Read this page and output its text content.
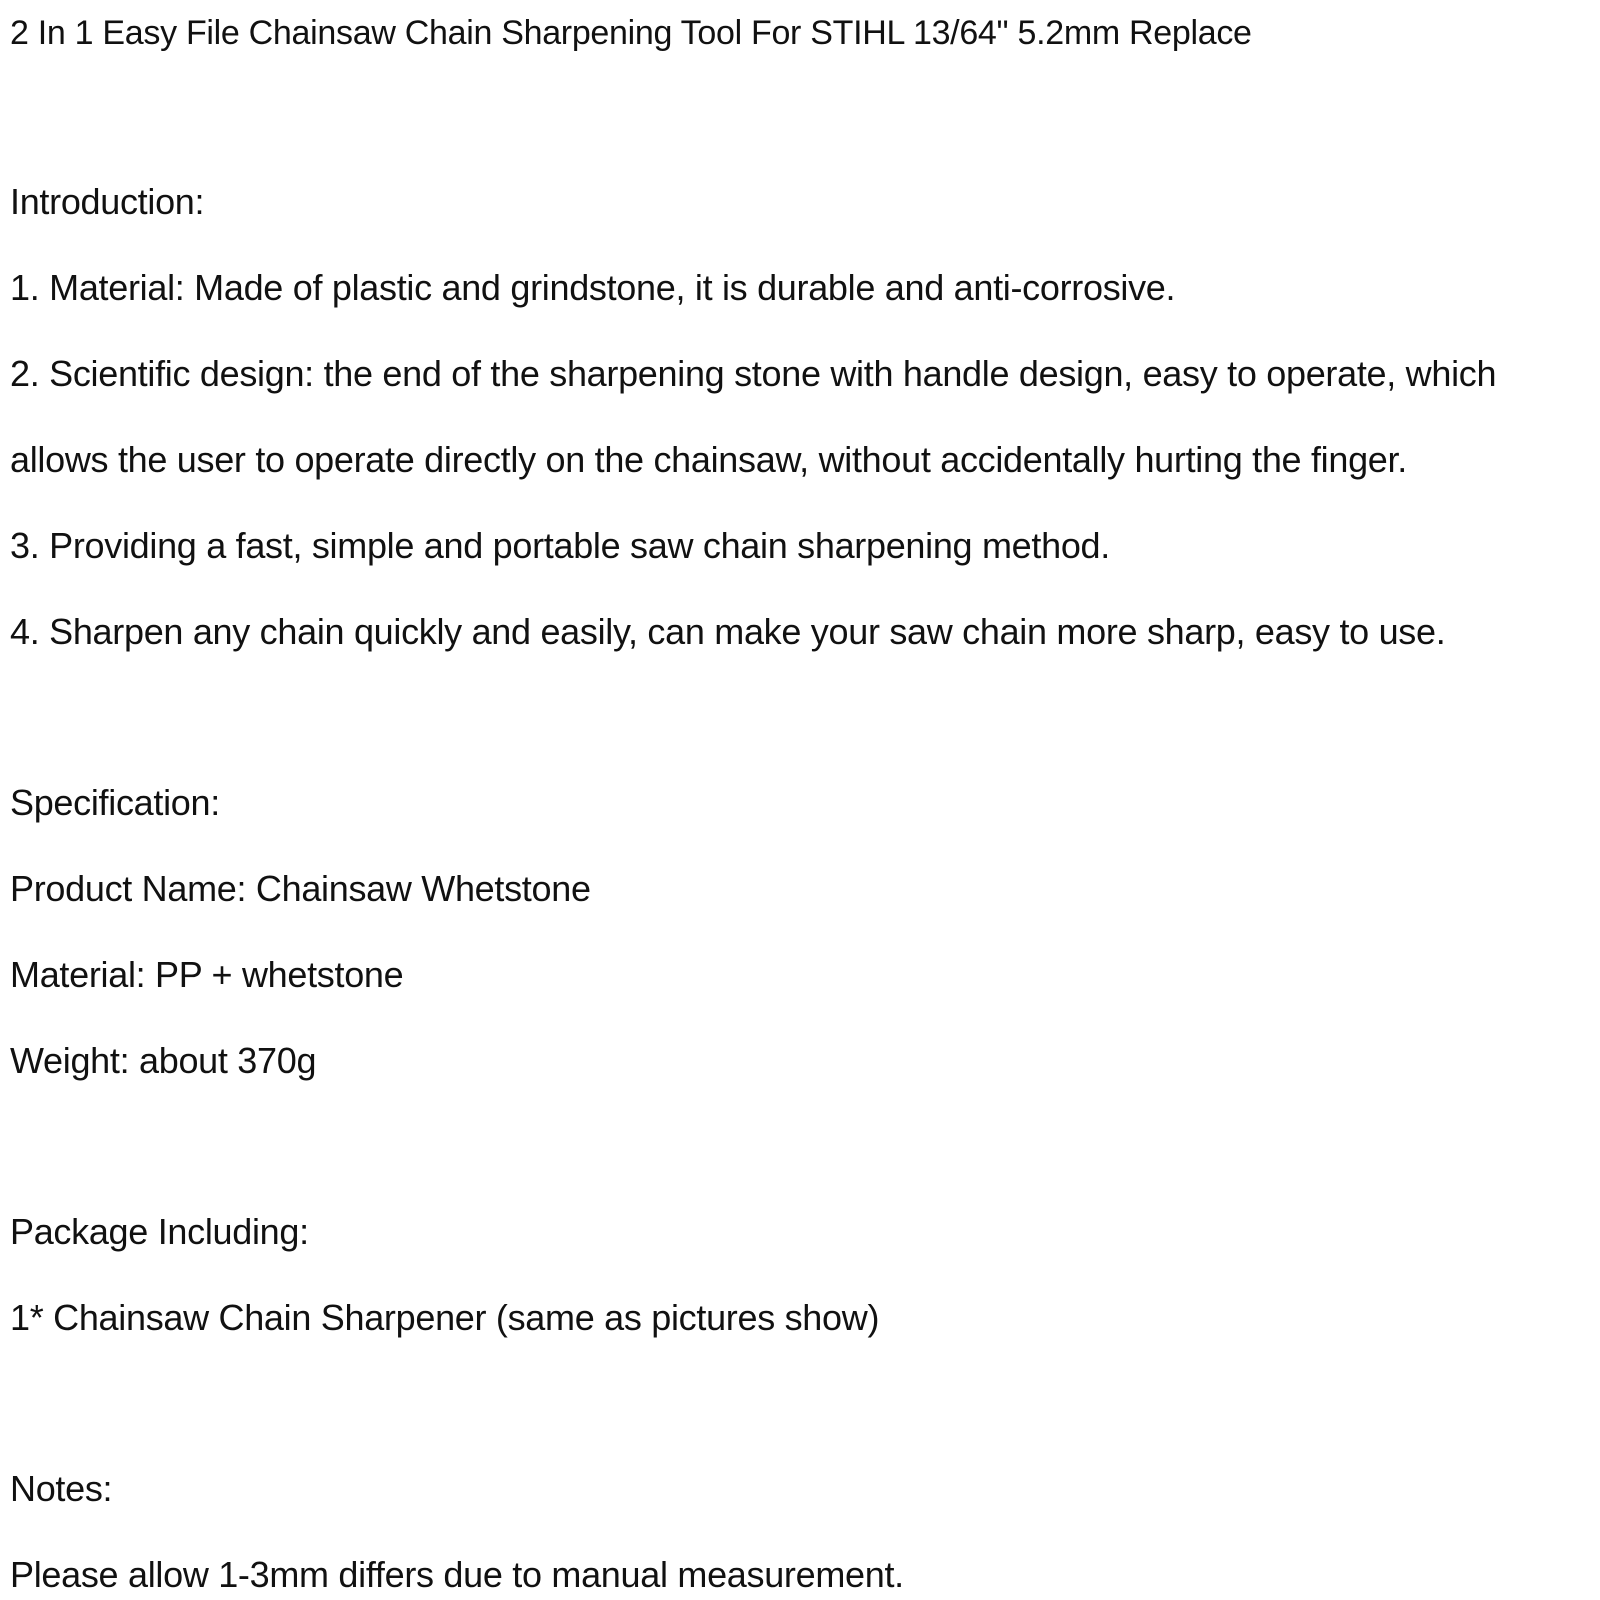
2 In 1 Easy File Chainsaw Chain Sharpening Tool For STIHL 13/64" 5.2mm Replace

Introduction:

1. Material: Made of plastic and grindstone, it is durable and anti-corrosive.

2. Scientific design: the end of the sharpening stone with handle design, easy to operate, which

allows the user to operate directly on the chainsaw, without accidentally hurting the finger.

3. Providing a fast, simple and portable saw chain sharpening method.

4. Sharpen any chain quickly and easily, can make your saw chain more sharp, easy to use.

Specification:

Product Name: Chainsaw Whetstone

Material: PP + whetstone

Weight: about 370g

Package Including:

1* Chainsaw Chain Sharpener (same as pictures show)

Notes:

Please allow 1-3mm differs due to manual measurement.
